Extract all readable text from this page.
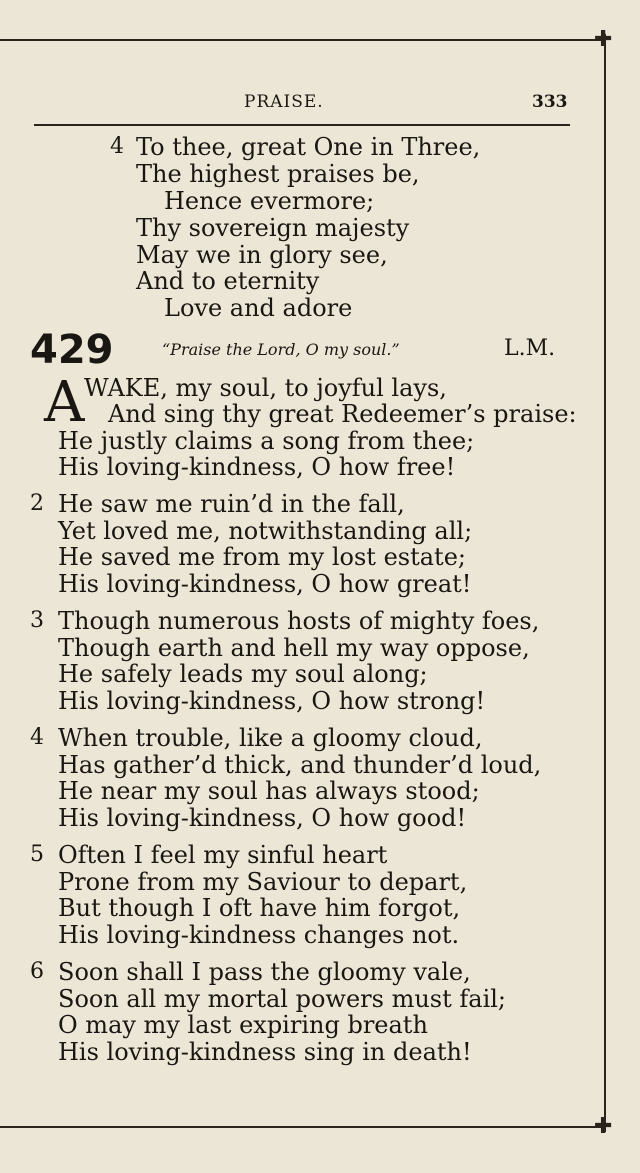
✚
✚
PRAISE.	333
4 To thee, great One in Three,
The highest praises be,
Hence evermore;
Thy sovereign majesty
May we in glory see,
And to eternity
Love and adore
429	“Praise the Lord, O my soul.”	L.M.
A WAKE, my soul, to joyful lays,
And sing thy great Redeemer’s praise:
He justly claims a song from thee;
His loving-kindness, O how free!
2 He saw me ruin’d in the fall,
Yet loved me, notwithstanding all;
He saved me from my lost estate;
His loving-kindness, O how great!
3 Though numerous hosts of mighty foes,
Though earth and hell my way oppose,
He safely leads my soul along;
His loving-kindness, O how strong!
4 When trouble, like a gloomy cloud,
Has gather’d thick, and thunder’d loud,
He near my soul has always stood;
His loving-kindness, O how good!
5 Often I feel my sinful heart
Prone from my Saviour to depart,
But though I oft have him forgot,
His loving-kindness changes not.
6 Soon shall I pass the gloomy vale,
Soon all my mortal powers must fail;
O may my last expiring breath
His loving-kindness sing in death!
